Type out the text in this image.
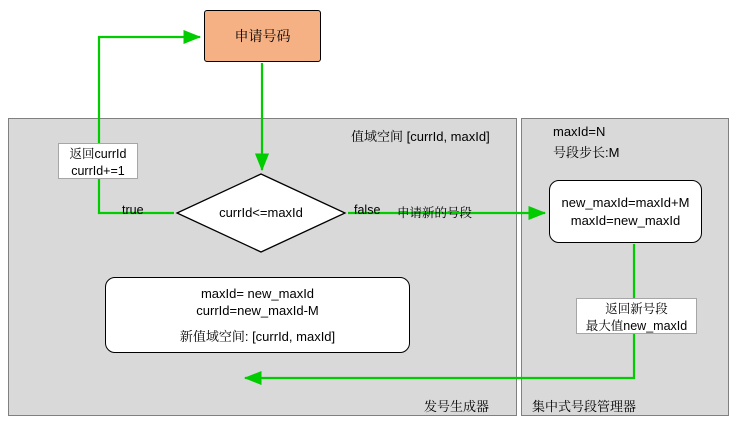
发号生成器	集中式号段管理器
值域空间 [currId, maxId]	maxId=N
号段步长:M
申请号码
currId<=maxId
new_maxId=maxId+M
maxId=new_maxId
maxId= new_maxId
currId=new_maxId-M
新值域空间: [currId, maxId]
返回currId
currId+=1
返回新号段
最大值new_maxId
true	false 申请新的号段
